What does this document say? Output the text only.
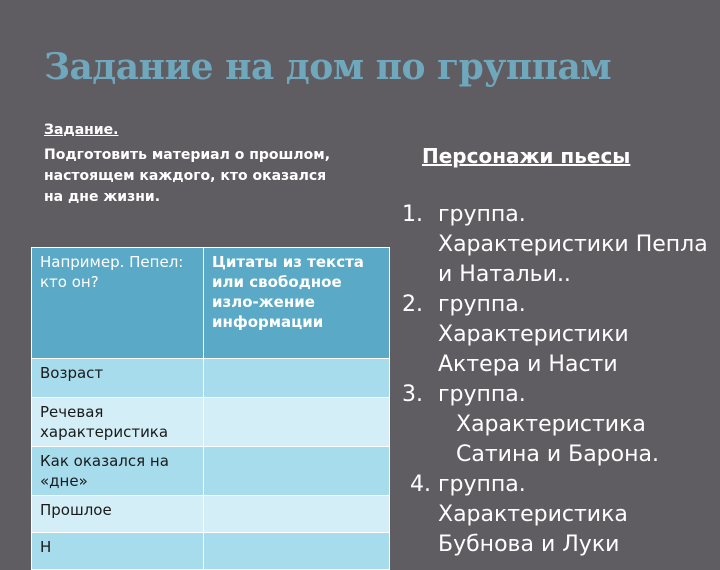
Задание на дом по группам
Задание.
Подготовить материал о прошлом, настоящем каждого, кто оказался на дне жизни.
Персонажи пьесы
Например. Пепел: кто он?	Цитаты из текста или свободное изло-жение информации
Возраст	
Речевая характеристика	
Как оказался на «дне»	
Прошлое	
Н	
1. группа. Характеристики Пепла и Натальи..
2. группа. Характеристики Актера и Насти
3. группа.
Характеристика Сатина и Барона.
4. группа. Характеристика Бубнова и Луки
